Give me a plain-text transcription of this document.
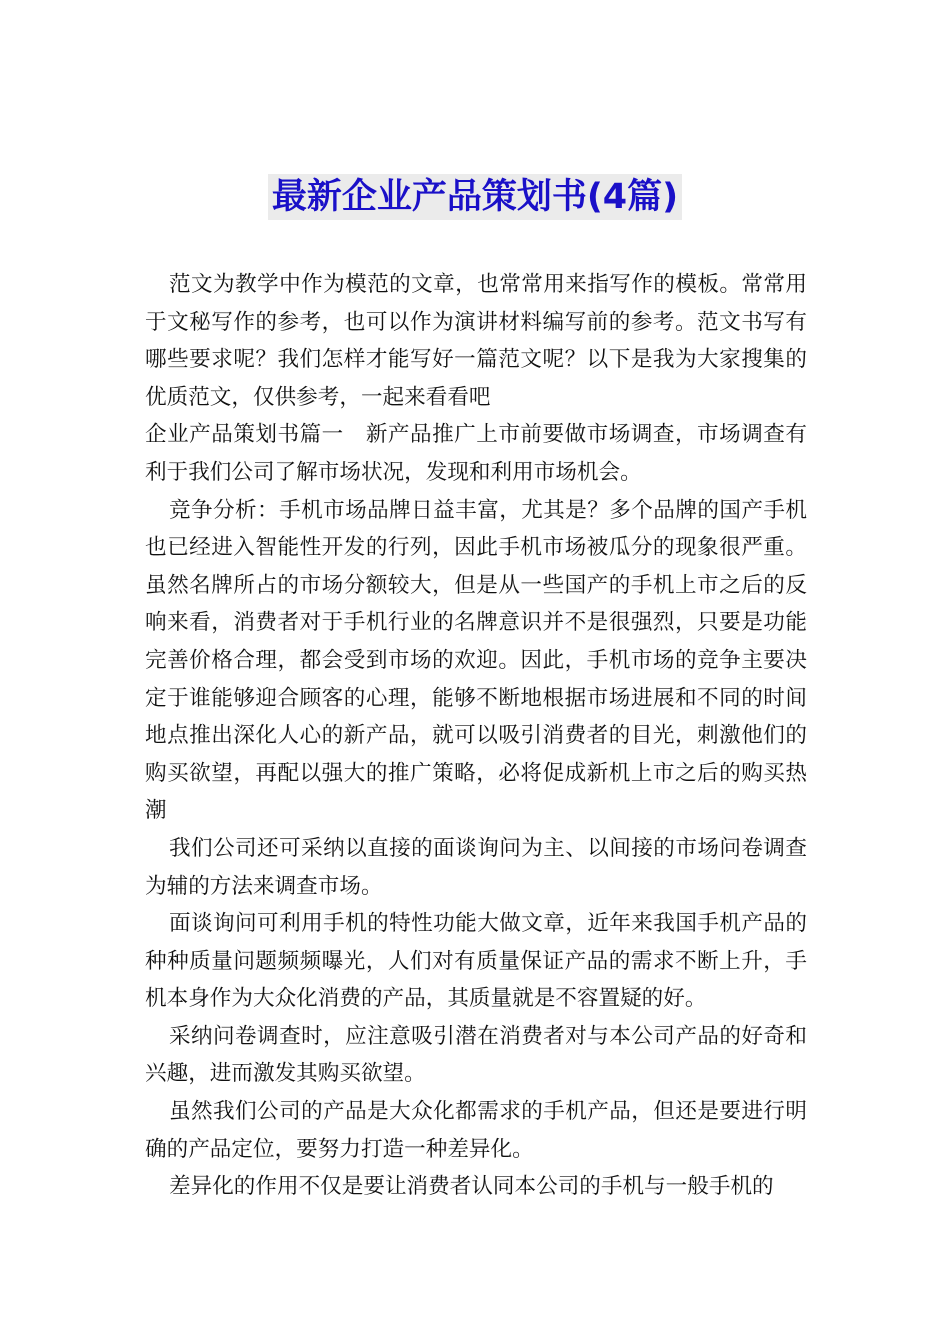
最新企业产品策划书(4篇)

范文为教学中作为模范的文章，也常常用来指写作的模板。常常用于文秘写作的参考，也可以作为演讲材料编写前的参考。范文书写有哪些要求呢？我们怎样才能写好一篇范文呢？以下是我为大家搜集的优质范文，仅供参考，一起来看看吧

企业产品策划书篇一　新产品推广上市前要做市场调查，市场调查有利于我们公司了解市场状况，发现和利用市场机会。

竞争分析：手机市场品牌日益丰富，尤其是？多个品牌的国产手机也已经进入智能性开发的行列，因此手机市场被瓜分的现象很严重。虽然名牌所占的市场分额较大，但是从一些国产的手机上市之后的反响来看，消费者对于手机行业的名牌意识并不是很强烈，只要是功能完善价格合理，都会受到市场的欢迎。因此，手机市场的竞争主要决定于谁能够迎合顾客的心理，能够不断地根据市场进展和不同的时间地点推出深化人心的新产品，就可以吸引消费者的目光，刺激他们的购买欲望，再配以强大的推广策略，必将促成新机上市之后的购买热潮

我们公司还可采纳以直接的面谈询问为主、以间接的市场问卷调查为辅的方法来调查市场。

面谈询问可利用手机的特性功能大做文章，近年来我国手机产品的种种质量问题频频曝光，人们对有质量保证产品的需求不断上升，手机本身作为大众化消费的产品，其质量就是不容置疑的好。

采纳问卷调查时，应注意吸引潜在消费者对与本公司产品的好奇和兴趣，进而激发其购买欲望。

虽然我们公司的产品是大众化都需求的手机产品，但还是要进行明确的产品定位，要努力打造一种差异化。

差异化的作用不仅是要让消费者认同本公司的手机与一般手机的
